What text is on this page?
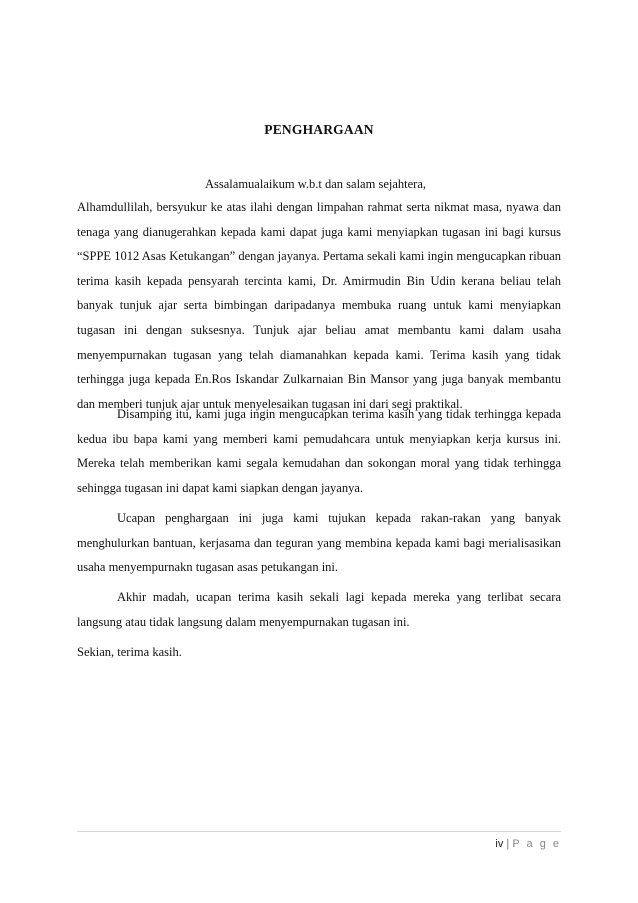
PENGHARGAAN

Assalamualaikum w.b.t dan salam sejahtera,

Alhamdullilah, bersyukur ke atas ilahi dengan limpahan rahmat serta nikmat masa, nyawa dan tenaga yang dianugerahkan kepada kami dapat juga kami menyiapkan tugasan ini bagi kursus “SPPE 1012 Asas Ketukangan” dengan jayanya. Pertama sekali kami ingin mengucapkan ribuan terima kasih kepada pensyarah tercinta kami, Dr. Amirmudin Bin Udin kerana beliau telah banyak tunjuk ajar serta bimbingan daripadanya membuka ruang untuk kami menyiapkan tugasan ini dengan suksesnya. Tunjuk ajar beliau amat membantu kami dalam usaha menyempurnakan tugasan yang telah diamanahkan kepada kami. Terima kasih yang tidak terhingga juga kepada En.Ros Iskandar Zulkarnaian Bin Mansor yang juga banyak membantu dan memberi tunjuk ajar untuk menyelesaikan tugasan ini dari segi praktikal.

Disamping itu, kami juga ingin mengucapkan terima kasih yang tidak terhingga kepada kedua ibu bapa kami yang memberi kami pemudahcara untuk menyiapkan kerja kursus ini. Mereka telah memberikan kami segala kemudahan dan sokongan moral yang tidak terhingga sehingga tugasan ini dapat kami siapkan dengan jayanya.

Ucapan penghargaan ini juga kami tujukan kepada rakan-rakan yang banyak menghulurkan bantuan, kerjasama dan teguran yang membina kepada kami bagi merialisasikan usaha menyempurnakn tugasan asas petukangan ini.

Akhir madah, ucapan terima kasih sekali lagi kepada mereka yang terlibat secara langsung atau tidak langsung dalam menyempurnakan tugasan ini.

Sekian, terima kasih.

iv | P a g e
